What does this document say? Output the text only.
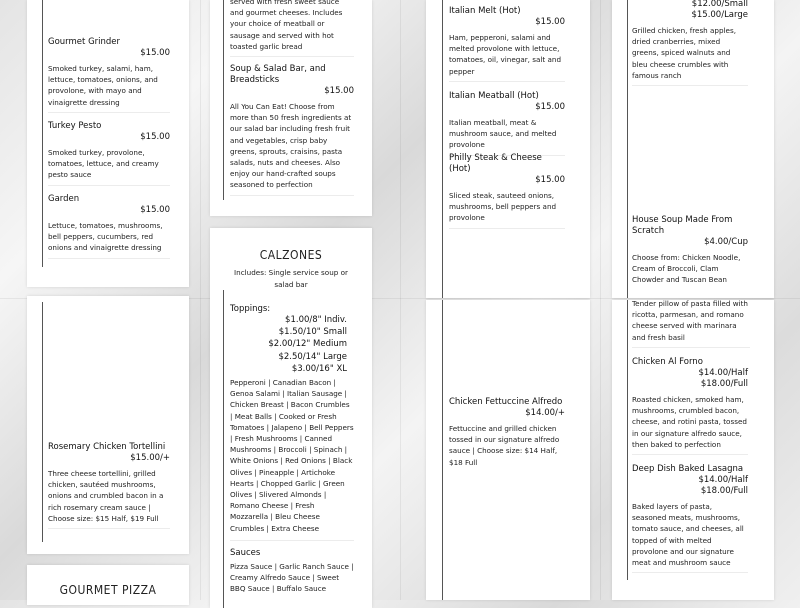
Gourmet Grinder
$15.00
Smoked turkey, salami, ham, lettuce, tomatoes, onions, and provolone, with mayo and vinaigrette dressing
Turkey Pesto
$15.00
Smoked turkey, provolone, tomatoes, lettuce, and creamy pesto sauce
Garden
$15.00
Lettuce, tomatoes, mushrooms, bell peppers, cucumbers, red onions and vinaigrette dressing
Rosemary Chicken Tortellini
$15.00/+
Three cheese tortellini, grilled chicken, sautéed mushrooms, onions and crumbled bacon in a rich rosemary cream sauce | Choose size: $15 Half, $19 Full
GOURMET PIZZA
served with fresh sweet sauce and gourmet cheeses. Includes your choice of meatball or sausage and served with hot toasted garlic bread
Soup & Salad Bar, and Breadsticks
$15.00
All You Can Eat! Choose from more than 50 fresh ingredients at our salad bar including fresh fruit and vegetables, crisp baby greens, sprouts, craisins, pasta salads, nuts and cheeses. Also enjoy our hand-crafted soups seasoned to perfection
CALZONES
Includes: Single service soup or salad bar
Toppings:
$1.00/8" Indiv.
$1.50/10" Small
$2.00/12" Medium
$2.50/14" Large
$3.00/16" XL
Pepperoni | Canadian Bacon | Genoa Salami | Italian Sausage | Chicken Breast | Bacon Crumbles | Meat Balls | Cooked or Fresh Tomatoes | Jalapeno | Bell Peppers | Fresh Mushrooms | Canned Mushrooms | Broccoli | Spinach | White Onions | Red Onions | Black Olives | Pineapple | Artichoke Hearts | Chopped Garlic | Green Olives | Slivered Almonds | Romano Cheese | Fresh Mozzarella | Bleu Cheese Crumbles | Extra Cheese
Sauces
Pizza Sauce | Garlic Ranch Sauce | Creamy Alfredo Sauce | Sweet BBQ Sauce | Buffalo Sauce
Italian Melt (Hot)
$15.00
Ham, pepperoni, salami and melted provolone with lettuce, tomatoes, oil, vinegar, salt and pepper
Italian Meatball (Hot)
$15.00
Italian meatball, meat & mushroom sauce, and melted provolone
Philly Steak & Cheese (Hot)
$15.00
Sliced steak, sauteed onions, mushrooms, bell peppers and provolone
Chicken Fettuccine Alfredo
$14.00/+
Fettuccine and grilled chicken tossed in our signature alfredo sauce | Choose size: $14 Half, $18 Full
$12.00/Small
$15.00/Large
Grilled chicken, fresh apples, dried cranberries, mixed greens, spiced walnuts and bleu cheese crumbles with famous ranch
House Soup Made From Scratch
$4.00/Cup
Choose from: Chicken Noodle, Cream of Broccoli, Clam Chowder and Tuscan Bean
Tender pillow of pasta filled with ricotta, parmesan, and romano cheese served with marinara and fresh basil
Chicken Al Forno
$14.00/Half
$18.00/Full
Roasted chicken, smoked ham, mushrooms, crumbled bacon, cheese, and rotini pasta, tossed in our signature alfredo sauce, then baked to perfection
Deep Dish Baked Lasagna
$14.00/Half
$18.00/Full
Baked layers of pasta, seasoned meats, mushrooms, tomato sauce, and cheeses, all topped of with melted provolone and our signature meat and mushroom sauce
